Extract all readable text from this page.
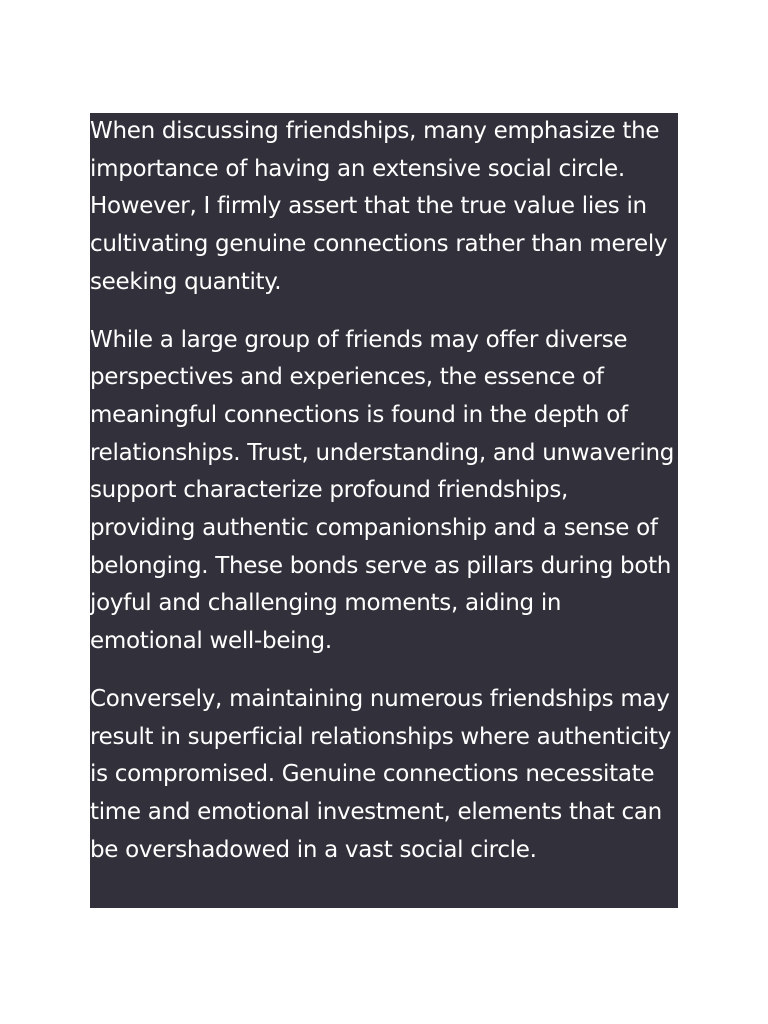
When discussing friendships, many emphasize the importance of having an extensive social circle. However, I firmly assert that the true value lies in cultivating genuine connections rather than merely seeking quantity.

While a large group of friends may offer diverse perspectives and experiences, the essence of meaningful connections is found in the depth of relationships. Trust, understanding, and unwavering support characterize profound friendships, providing authentic companionship and a sense of belonging. These bonds serve as pillars during both joyful and challenging moments, aiding in emotional well-being.

Conversely, maintaining numerous friendships may result in superficial relationships where authenticity is compromised. Genuine connections necessitate time and emotional investment, elements that can be overshadowed in a vast social circle.
